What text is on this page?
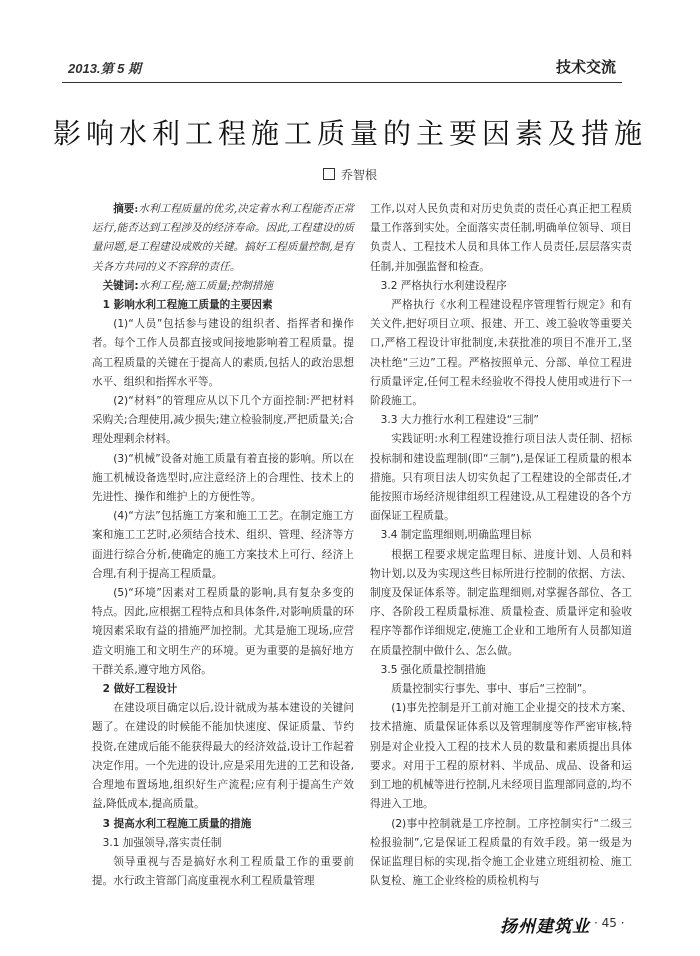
2013.第 5 期	技术交流
影响水利工程施工质量的主要因素及措施
乔智根

摘要:水利工程质量的优劣,决定着水利工程能否正常运行,能否达到工程涉及的经济寿命。因此,工程建设的质量问题,是工程建设成败的关键。搞好工程质量控制,是有关各方共同的义不容辞的责任。

关键词:水利工程;施工质量;控制措施

1 影响水利工程施工质量的主要因素

(1)“人员”包括参与建设的组织者、指挥者和操作者。每个工作人员都直接或间接地影响着工程质量。提高工程质量的关键在于提高人的素质,包括人的政治思想水平、组织和指挥水平等。

(2)“材料”的管理应从以下几个方面控制:严把材料采购关;合理使用,减少损失;建立检验制度,严把质量关;合理处理剩余材料。

(3)“机械”设备对施工质量有着直接的影响。所以在施工机械设备选型时,应注意经济上的合理性、技术上的先进性、操作和维护上的方便性等。

(4)“方法”包括施工方案和施工工艺。在制定施工方案和施工工艺时,必须结合技术、组织、管理、经济等方面进行综合分析,使确定的施工方案技术上可行、经济上合理,有利于提高工程质量。

(5)“环境”因素对工程质量的影响,具有复杂多变的特点。因此,应根据工程特点和具体条件,对影响质量的环境因素采取有益的措施严加控制。尤其是施工现场,应营造文明施工和文明生产的环境。更为重要的是搞好地方干群关系,遵守地方风俗。

2 做好工程设计

在建设项目确定以后,设计就成为基本建设的关键问题了。在建设的时候能不能加快速度、保证质量、节约投资,在建成后能不能获得最大的经济效益,设计工作起着决定作用。一个先进的设计,应是采用先进的工艺和设备,合理地布置场地,组织好生产流程;应有利于提高生产效益,降低成本,提高质量。

3 提高水利工程施工质量的措施

3.1 加强领导,落实责任制

领导重视与否是搞好水利工程质量工作的重要前提。水行政主管部门高度重视水利工程质量管理

工作,以对人民负责和对历史负责的责任心真正把工程质量工作落到实处。全面落实责任制,明确单位领导、项目负责人、工程技术人员和具体工作人员责任,层层落实责任制,并加强监督和检查。

3.2 严格执行水利建设程序

严格执行《水利工程建设程序管理暂行规定》和有关文件,把好项目立项、报建、开工、竣工验收等重要关口,严格工程设计审批制度,未获批准的项目不准开工,坚决杜绝“三边”工程。严格按照单元、分部、单位工程进行质量评定,任何工程未经验收不得投人使用或进行下一阶段施工。

3.3 大力推行水利工程建设“三制”

实践证明:水利工程建设推行项目法人责任制、招标投标制和建设监理制(即“三制”),是保证工程质量的根本措施。只有项目法人切实负起了工程建设的全部责任,才能按照市场经济规律组织工程建设,从工程建设的各个方面保证工程质量。

3.4 制定监理细则,明确监理目标

根据工程要求规定监理目标、进度计划、人员和料物计划,以及为实现这些目标所进行控制的依据、方法、制度及保证体系等。制定监理细则,对掌握各部位、各工序、各阶段工程质量标准、质量检查、质量评定和验收程序等都作详细规定,使施工企业和工地所有人员都知道在质量控制中做什么、怎么做。

3.5 强化质量控制措施

质量控制实行事先、事中、事后“三控制”。

(1)事先控制是开工前对施工企业提交的技术方案、技术措施、质量保证体系以及管理制度等作严密审核,特别是对企业投入工程的技术人员的数量和素质提出具体要求。对用于工程的原材料、半成品、成品、设备和运到工地的机械等进行控制,凡未经项目监理部同意的,均不得进入工地。

(2)事中控制就是工序控制。工序控制实行“二级三检报验制”,它是保证工程质量的有效手段。第一级是为保证监理目标的实现,指令施工企业建立班组初检、施工队复检、施工企业终检的质检机构与

扬州建筑业 · 45 ·
